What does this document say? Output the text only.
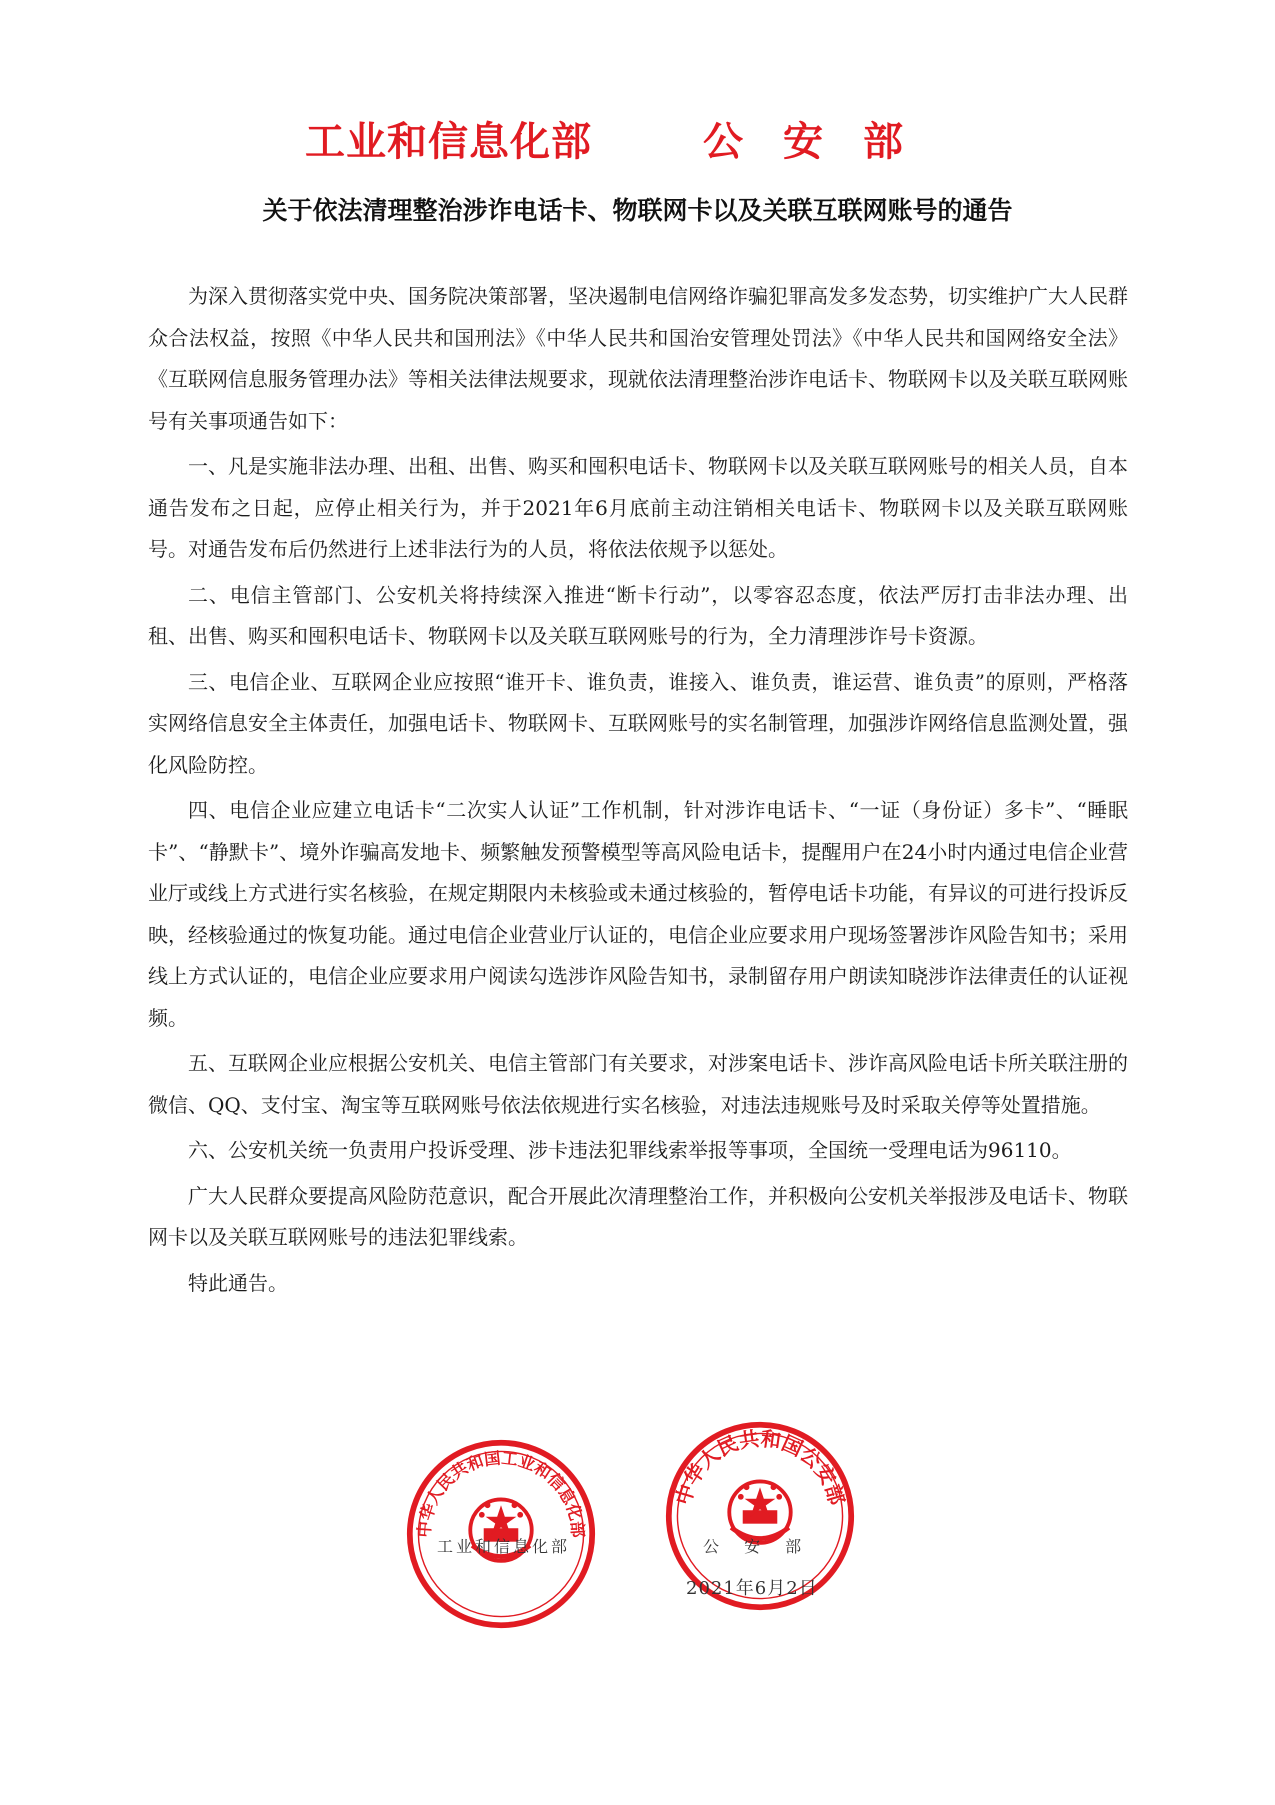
工业和信息化部	公安部
关于依法清理整治涉诈电话卡、物联网卡以及关联互联网账号的通告

为深入贯彻落实党中央、国务院决策部署，坚决遏制电信网络诈骗犯罪高发多发态势，切实维护广大人民群众合法权益，按照《中华人民共和国刑法》《中华人民共和国治安管理处罚法》《中华人民共和国网络安全法》《互联网信息服务管理办法》等相关法律法规要求，现就依法清理整治涉诈电话卡、物联网卡以及关联互联网账号有关事项通告如下：

一、凡是实施非法办理、出租、出售、购买和囤积电话卡、物联网卡以及关联互联网账号的相关人员，自本通告发布之日起，应停止相关行为，并于2021年6月底前主动注销相关电话卡、物联网卡以及关联互联网账号。对通告发布后仍然进行上述非法行为的人员，将依法依规予以惩处。

二、电信主管部门、公安机关将持续深入推进“断卡行动”，以零容忍态度，依法严厉打击非法办理、出租、出售、购买和囤积电话卡、物联网卡以及关联互联网账号的行为，全力清理涉诈号卡资源。

三、电信企业、互联网企业应按照“谁开卡、谁负责，谁接入、谁负责，谁运营、谁负责”的原则，严格落实网络信息安全主体责任，加强电话卡、物联网卡、互联网账号的实名制管理，加强涉诈网络信息监测处置，强化风险防控。

四、电信企业应建立电话卡“二次实人认证”工作机制，针对涉诈电话卡、“一证（身份证）多卡”、“睡眠卡”、“静默卡”、境外诈骗高发地卡、频繁触发预警模型等高风险电话卡，提醒用户在24小时内通过电信企业营业厅或线上方式进行实名核验，在规定期限内未核验或未通过核验的，暂停电话卡功能，有异议的可进行投诉反映，经核验通过的恢复功能。通过电信企业营业厅认证的，电信企业应要求用户现场签署涉诈风险告知书；采用线上方式认证的，电信企业应要求用户阅读勾选涉诈风险告知书，录制留存用户朗读知晓涉诈法律责任的认证视频。

五、互联网企业应根据公安机关、电信主管部门有关要求，对涉案电话卡、涉诈高风险电话卡所关联注册的微信、QQ、支付宝、淘宝等互联网账号依法依规进行实名核验，对违法违规账号及时采取关停等处置措施。

六、公安机关统一负责用户投诉受理、涉卡违法犯罪线索举报等事项，全国统一受理电话为96110。

广大人民群众要提高风险防范意识，配合开展此次清理整治工作，并积极向公安机关举报涉及电话卡、物联网卡以及关联互联网账号的违法犯罪线索。

特此通告。

中华人民共和国工业和信息化部
中华人民共和国公安部
工业和信息化部	公 安 部
2021年6月2日
